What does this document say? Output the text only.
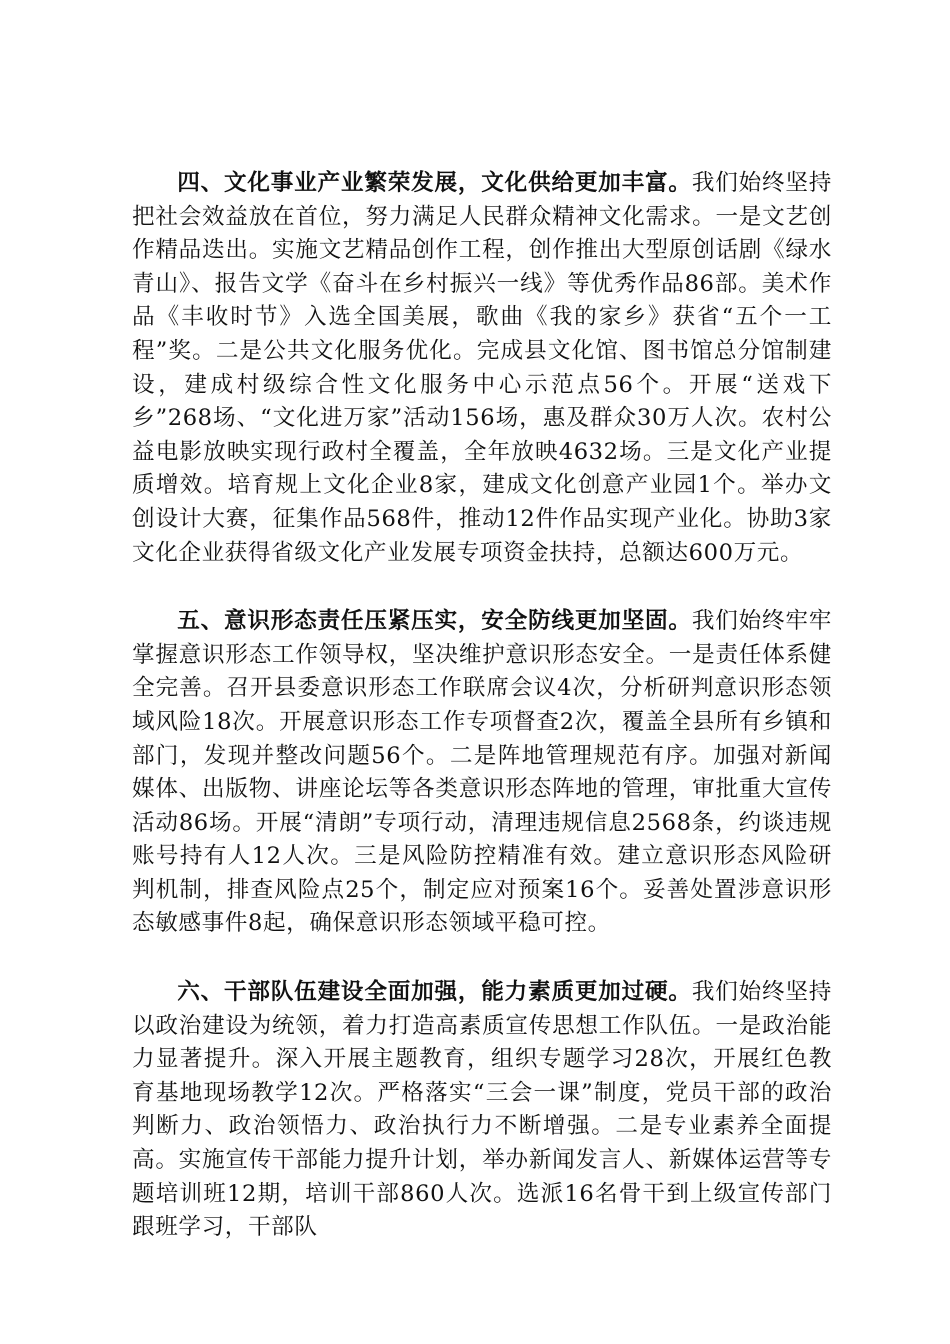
四、文化事业产业繁荣发展，文化供给更加丰富。我们始终坚持把社会效益放在首位，努力满足人民群众精神文化需求。一是文艺创作精品迭出。实施文艺精品创作工程，创作推出大型原创话剧《绿水青山》、报告文学《奋斗在乡村振兴一线》等优秀作品86部。美术作品《丰收时节》入选全国美展，歌曲《我的家乡》获省“五个一工程”奖。二是公共文化服务优化。完成县文化馆、图书馆总分馆制建设，建成村级综合性文化服务中心示范点56个。开展“送戏下乡”268场、“文化进万家”活动156场，惠及群众30万人次。农村公益电影放映实现行政村全覆盖，全年放映4632场。三是文化产业提质增效。培育规上文化企业8家，建成文化创意产业园1个。举办文创设计大赛，征集作品568件，推动12件作品实现产业化。协助3家文化企业获得省级文化产业发展专项资金扶持，总额达600万元。

五、意识形态责任压紧压实，安全防线更加坚固。我们始终牢牢掌握意识形态工作领导权，坚决维护意识形态安全。一是责任体系健全完善。召开县委意识形态工作联席会议4次，分析研判意识形态领域风险18次。开展意识形态工作专项督查2次，覆盖全县所有乡镇和部门，发现并整改问题56个。二是阵地管理规范有序。加强对新闻媒体、出版物、讲座论坛等各类意识形态阵地的管理，审批重大宣传活动86场。开展“清朗”专项行动，清理违规信息2568条，约谈违规账号持有人12人次。三是风险防控精准有效。建立意识形态风险研判机制，排查风险点25个，制定应对预案16个。妥善处置涉意识形态敏感事件8起，确保意识形态领域平稳可控。

六、干部队伍建设全面加强，能力素质更加过硬。我们始终坚持以政治建设为统领，着力打造高素质宣传思想工作队伍。一是政治能力显著提升。深入开展主题教育，组织专题学习28次，开展红色教育基地现场教学12次。严格落实“三会一课”制度，党员干部的政治判断力、政治领悟力、政治执行力不断增强。二是专业素养全面提高。实施宣传干部能力提升计划，举办新闻发言人、新媒体运营等专题培训班12期，培训干部860人次。选派16名骨干到上级宣传部门跟班学习，干部队
